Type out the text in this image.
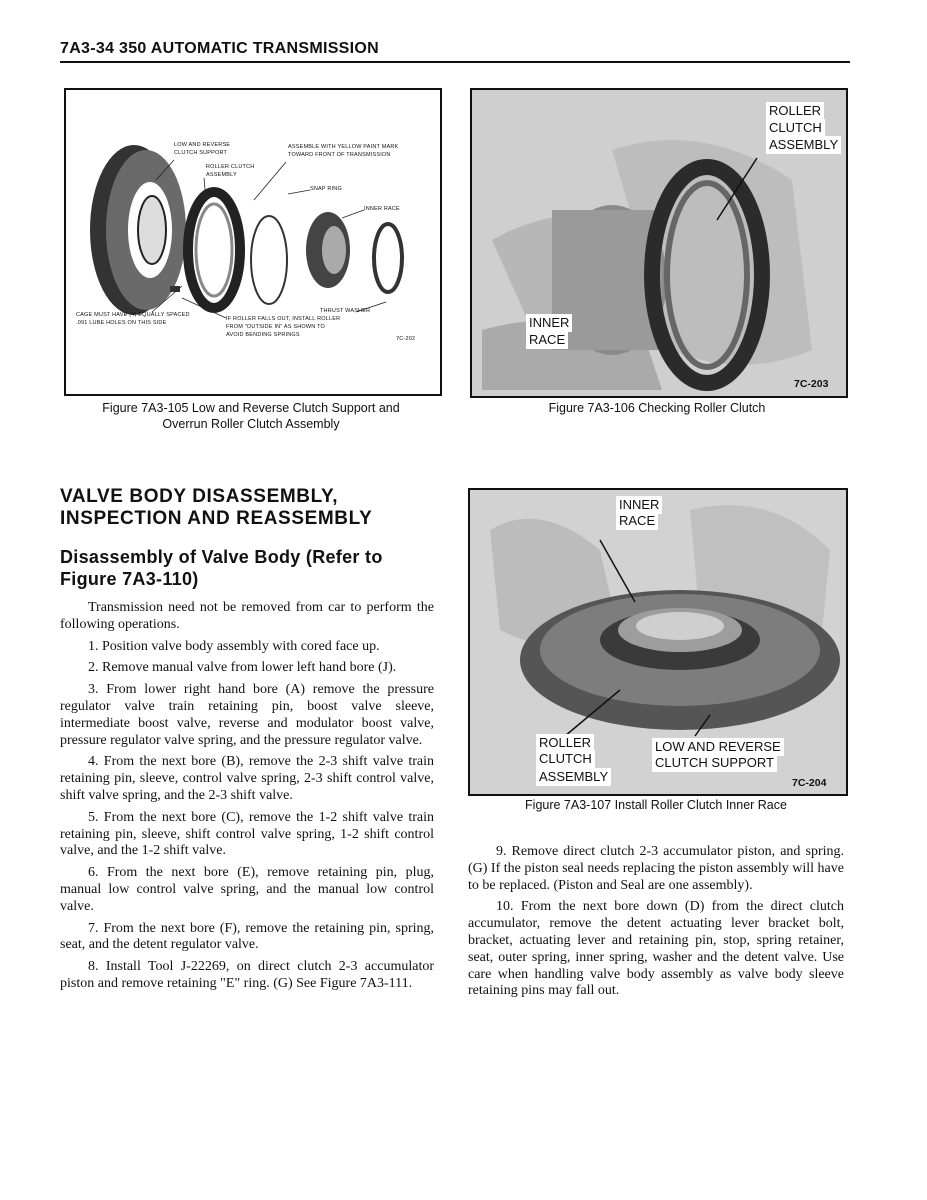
7A3-34 350 AUTOMATIC TRANSMISSION
LOW AND REVERSE
CLUTCH SUPPORT
ASSEMBLE WITH YELLOW PAINT MARK
TOWARD FRONT OF TRANSMISSION
ROLLER CLUTCH
ASSEMBLY
SNAP RING
INNER RACE
THRUST WASHER
CAGE MUST HAVE (4) EQUALLY SPACED
.091 LUBE HOLES ON THIS SIDE
IF ROLLER FALLS OUT, INSTALL ROLLER
FROM "OUTSIDE IN" AS SHOWN TO
AVOID BENDING SPRINGS
7C-202
Figure 7A3-105 Low and Reverse Clutch Support and
Overrun Roller Clutch Assembly
ROLLER
CLUTCH
ASSEMBLY
INNER
RACE
7C-203
Figure 7A3-106 Checking Roller Clutch
VALVE BODY DISASSEMBLY,
INSPECTION AND REASSEMBLY
Disassembly of Valve Body (Refer to
Figure 7A3-110)

Transmission need not be removed from car to perform the following operations.

1. Position valve body assembly with cored face up.

2. Remove manual valve from lower left hand bore (J).

3. From lower right hand bore (A) remove the pressure regulator valve train retaining pin, boost valve sleeve, intermediate boost valve, reverse and modulator boost valve, pressure regulator valve spring, and the pressure regulator valve.

4. From the next bore (B), remove the 2-3 shift valve train retaining pin, sleeve, control valve spring, 2-3 shift control valve, shift valve spring, and the 2-3 shift valve.

5. From the next bore (C), remove the 1-2 shift valve train retaining pin, sleeve, shift control valve spring, 1-2 shift control valve, and the 1-2 shift valve.

6. From the next bore (E), remove retaining pin, plug, manual low control valve spring, and the manual low control valve.

7. From the next bore (F), remove the retaining pin, spring, seat, and the detent regulator valve.

8. Install Tool J-22269, on direct clutch 2-3 accumulator piston and remove retaining "E" ring. (G) See Figure 7A3-111.

INNER
RACE
ROLLER
CLUTCH
ASSEMBLY
LOW AND REVERSE
CLUTCH SUPPORT
7C-204
Figure 7A3-107 Install Roller Clutch Inner Race

9. Remove direct clutch 2-3 accumulator piston, and spring. (G) If the piston seal needs replacing the piston assembly will have to be replaced. (Piston and Seal are one assembly).

10. From the next bore down (D) from the direct clutch accumulator, remove the detent actuating lever bracket bolt, bracket, actuating lever and retaining pin, stop, spring retainer, seat, outer spring, inner spring, washer and the detent valve. Use care when handling valve body assembly as valve body sleeve retaining pins may fall out.
